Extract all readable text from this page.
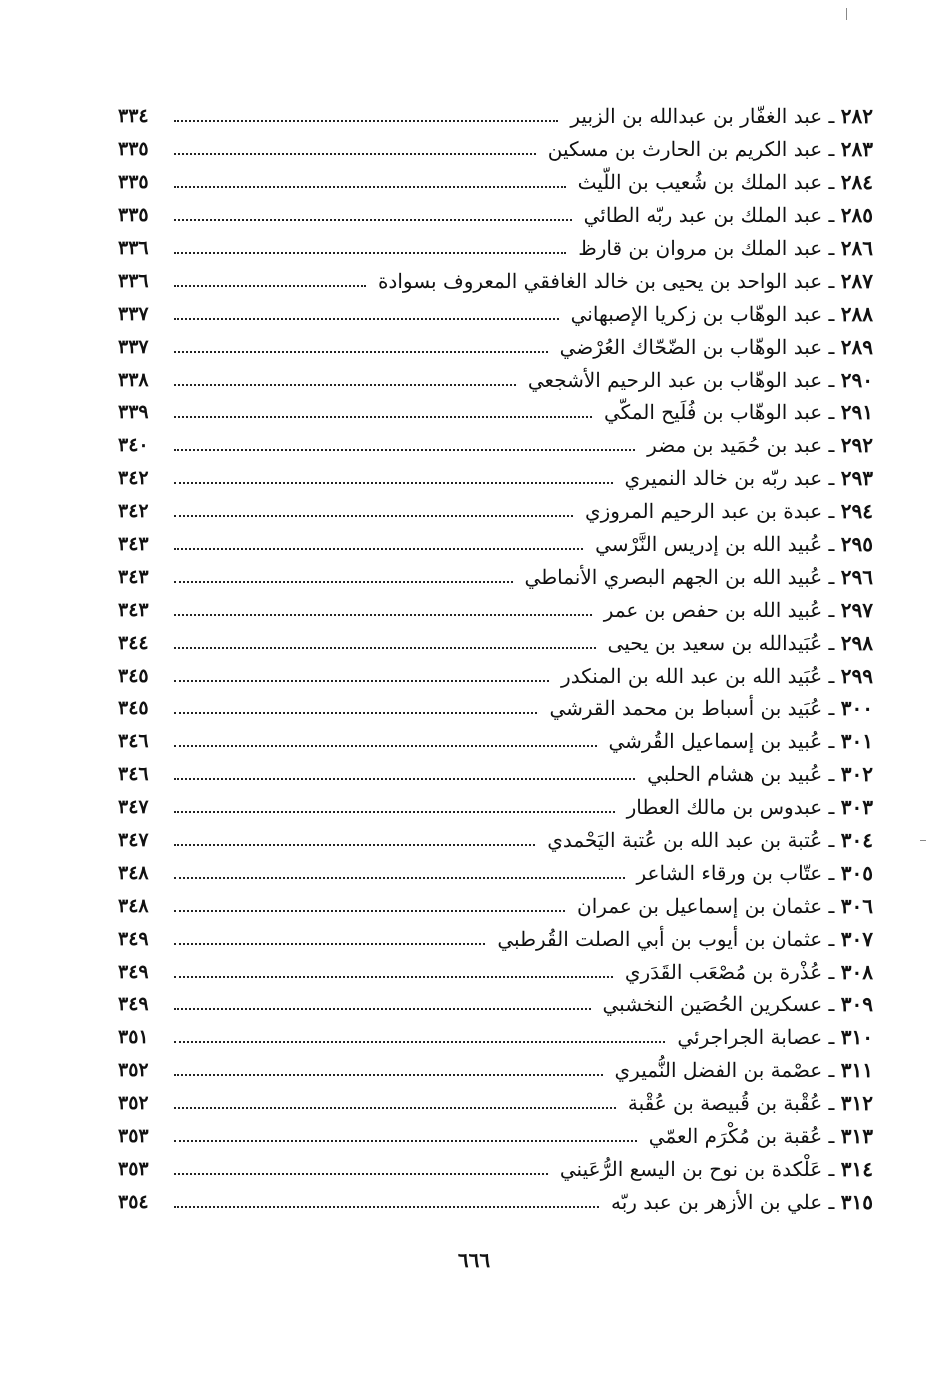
٣٣٤	٢٨٢ ـ عبد الغفّار بن عبدالله بن الزبير
٣٣٥	٢٨٣ ـ عبد الكريم بن الحارث بن مسكين
٣٣٥	٢٨٤ ـ عبد الملك بن شُعيب بن اللّيث
٣٣٥	٢٨٥ ـ عبد الملك بن عبد ربّه الطائي
٣٣٦	٢٨٦ ـ عبد الملك بن مروان بن قارظ
٣٣٦	٢٨٧ ـ عبد الواحد بن يحيى بن خالد الغافقي المعروف بسوادة
٣٣٧	٢٨٨ ـ عبد الوهّاب بن زكريا الإصبهاني
٣٣٧	٢٨٩ ـ عبد الوهّاب بن الضّحّاك العُرْضي
٣٣٨	٢٩٠ ـ عبد الوهّاب بن عبد الرحيم الأشجعي
٣٣٩	٢٩١ ـ عبد الوهّاب بن فُلَيح المكّي
٣٤٠	٢٩٢ ـ عبد بن حُمَيد بن مضر
٣٤٢	٢٩٣ ـ عبد ربّه بن خالد النميري
٣٤٢	٢٩٤ ـ عبدة بن عبد الرحيم المروزي
٣٤٣	٢٩٥ ـ عُبيد الله بن إدريس النَّرْسي
٣٤٣	٢٩٦ ـ عُبيد الله بن الجهم البصري الأنماطي
٣٤٣	٢٩٧ ـ عُبيد الله بن حفص بن عمر
٣٤٤	٢٩٨ ـ عُبَيدالله بن سعيد بن يحيى
٣٤٥	٢٩٩ ـ عُبَيد الله بن عبد الله بن المنكدر
٣٤٥	٣٠٠ ـ عُبَيد بن أسباط بن محمد القرشي
٣٤٦	٣٠١ ـ عُبيد بن إسماعيل القُرشي
٣٤٦	٣٠٢ ـ عُبيد بن هشام الحلبي
٣٤٧	٣٠٣ ـ عبدوس بن مالك العطار
٣٤٧	٣٠٤ ـ عُتبة بن عبد الله بن عُتبة اليَحْمدي
٣٤٨	٣٠٥ ـ عتّاب بن ورقاء الشاعر
٣٤٨	٣٠٦ ـ عثمان بن إسماعيل بن عمران
٣٤٩	٣٠٧ ـ عثمان بن أيوب بن أبي الصلت القُرطبي
٣٤٩	٣٠٨ ـ عُذْرة بن مُصْعَب القَدَري
٣٤٩	٣٠٩ ـ عسكرين الحُصَين النخشبي
٣٥١	٣١٠ ـ عصابة الجراجرئي
٣٥٢	٣١١ ـ عصْمة بن الفضل النُّميري
٣٥٢	٣١٢ ـ عُقْبة بن قُبيصة بن عُقْبة
٣٥٣	٣١٣ ـ عُقبة بن مُكْرَم العمّي
٣٥٣	٣١٤ ـ عَلْكدة بن نوح بن اليسع الرُّعَيني
٣٥٤	٣١٥ ـ علي بن الأزهر بن عبد ربّه
٦٦٦
